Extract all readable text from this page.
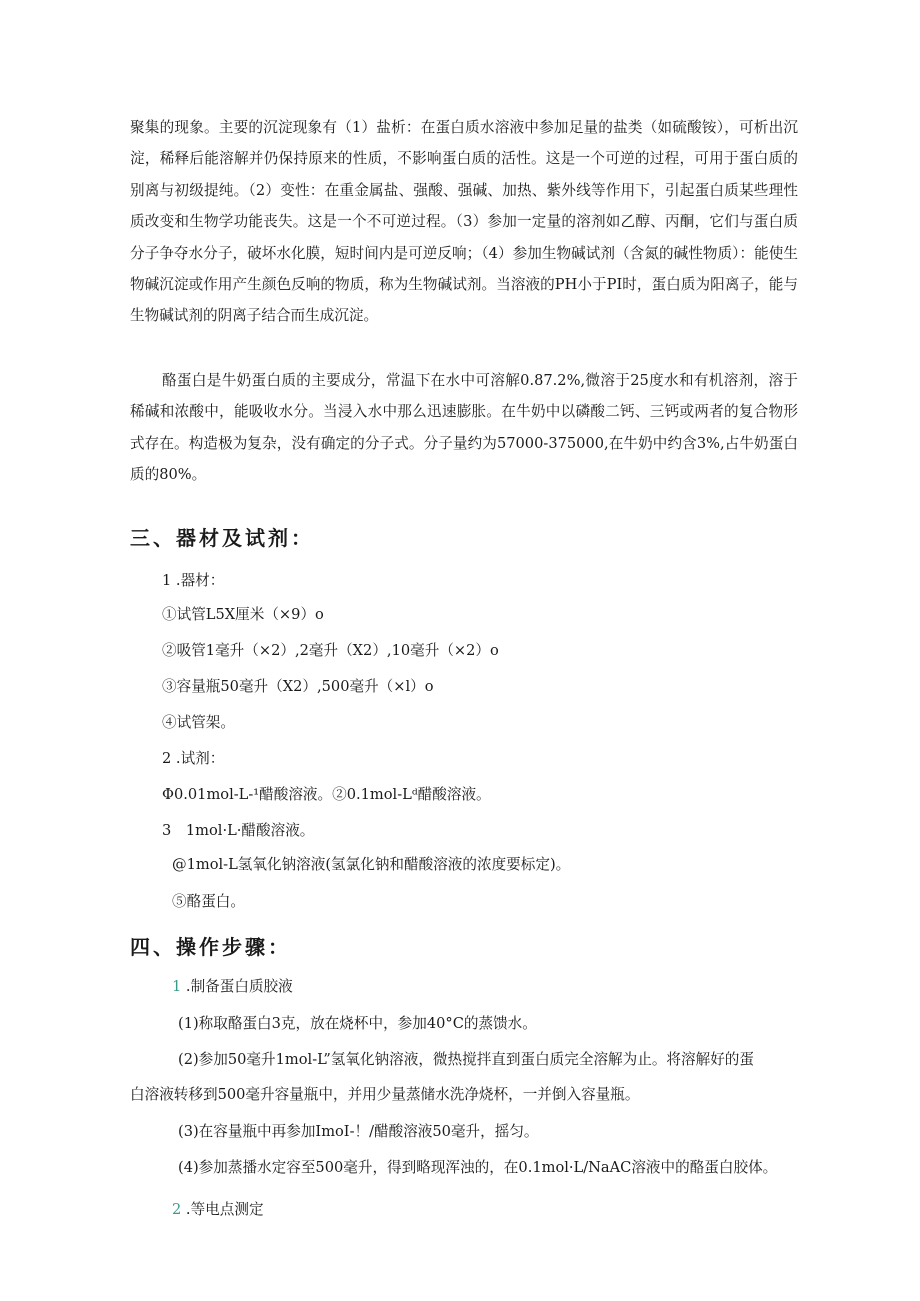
聚集的现象。主要的沉淀现象有（1）盐析：在蛋白质水溶液中参加足量的盐类（如硫酸铵），可析出沉淀，稀释后能溶解并仍保持原来的性质，不影响蛋白质的活性。这是一个可逆的过程，可用于蛋白质的别离与初级提纯。（2）变性：在重金属盐、强酸、强碱、加热、紫外线等作用下，引起蛋白质某些理性质改变和生物学功能丧失。这是一个不可逆过程。（3）参加一定量的溶剂如乙醇、丙酮，它们与蛋白质分子争夺水分子，破坏水化膜，短时间内是可逆反响；（4）参加生物碱试剂（含氮的碱性物质）：能使生物碱沉淀或作用产生颜色反响的物质，称为生物碱试剂。当溶液的PH小于PI时，蛋白质为阳离子，能与生物碱试剂的阴离子结合而生成沉淀。

酪蛋白是牛奶蛋白质的主要成分，常温下在水中可溶解0.87.2%,微溶于25度水和有机溶剂，溶于稀碱和浓酸中，能吸收水分。当浸入水中那么迅速膨胀。在牛奶中以磷酸二钙、三钙或两者的复合物形式存在。构造极为复杂，没有确定的分子式。分子量约为57000-375000,在牛奶中约含3%,占牛奶蛋白质的80%。

三、器材及试剂：

1 .器材：

①试管L5X厘米（×9）o

②吸管1毫升（×2）,2毫升（X2）,10毫升（×2）o

③容量瓶50毫升（X2）,500毫升（×l）o

④试管架。

2 .试剂：

Φ0.01mol-L-¹醋酸溶液。②0.1mol-Lᵈ醋酸溶液。

3　1mol·L·醋酸溶液。

@1mol-L氢氧化钠溶液(氢氯化钠和醋酸溶液的浓度要标定)。

⑤酪蛋白。

四、操作步骤：

1 .制备蛋白质胶液

(1)称取酪蛋白3克，放在烧杯中，参加40°C的蒸馈水。

(2)参加50毫升1mol-L”氢氧化钠溶液，微热搅拌直到蛋白质完全溶解为止。将溶解好的蛋

白溶液转移到500毫升容量瓶中，并用少量蒸储水洗净烧杯，一并倒入容量瓶。

(3)在容量瓶中再参加ImoI-！/醋酸溶液50毫升，摇匀。

(4)参加蒸播水定容至500毫升，得到略现浑浊的，在0.1mol·L/NaAC溶液中的酪蛋白胶体。

2 .等电点测定
